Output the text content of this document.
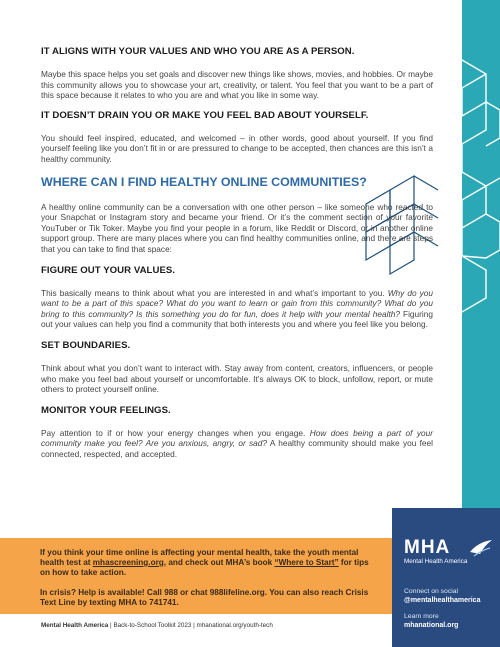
IT ALIGNS WITH YOUR VALUES AND WHO YOU ARE AS A PERSON.

Maybe this space helps you set goals and discover new things like shows, movies, and hobbies. Or maybe this community allows you to showcase your art, creativity, or talent. You feel that you want to be a part of this space because it relates to who you are and what you like in some way.

IT DOESN’T DRAIN YOU OR MAKE YOU FEEL BAD ABOUT YOURSELF.

You should feel inspired, educated, and welcomed – in other words, good about yourself. If you find yourself feeling like you don’t fit in or are pressured to change to be accepted, then chances are this isn’t a healthy community.

WHERE CAN I FIND HEALTHY ONLINE COMMUNITIES?

A healthy online community can be a conversation with one other person – like someone who reacted to your Snapchat or Instagram story and became your friend. Or it’s the comment section of your favorite YouTuber or Tik Toker. Maybe you find your people in a forum, like Reddit or Discord, or in another online support group. There are many places where you can find healthy communities online, and there are steps that you can take to find that space:

FIGURE OUT YOUR VALUES.

This basically means to think about what you are interested in and what’s important to you. Why do you want to be a part of this space? What do you want to learn or gain from this community? What do you bring to this community? Is this something you do for fun, does it help with your mental health? Figuring out your values can help you find a community that both interests you and where you feel like you belong.

SET BOUNDARIES.

Think about what you don’t want to interact with. Stay away from content, creators, influencers, or people who make you feel bad about yourself or uncomfortable. It’s always OK to block, unfollow, report, or mute others to protect yourself online.

MONITOR YOUR FEELINGS.

Pay attention to if or how your energy changes when you engage. How does being a part of your community make you feel? Are you anxious, angry, or sad? A healthy community should make you feel connected, respected, and accepted.

If you think your time online is affecting your mental health, take the youth mental health test at mhascreening.org, and check out MHA’s book “Where to Start” for tips on how to take action.

In crisis? Help is available! Call 988 or chat 988lifeline.org. You can also reach Crisis Text Line by texting MHA to 741741.

MHA
Mental Health America
Connect on social
@mentalhealthamerica
Learn more
mhanational.org
Mental Health America | Back-to-School Toolkit 2023 | mhanational.org/youth-tech
